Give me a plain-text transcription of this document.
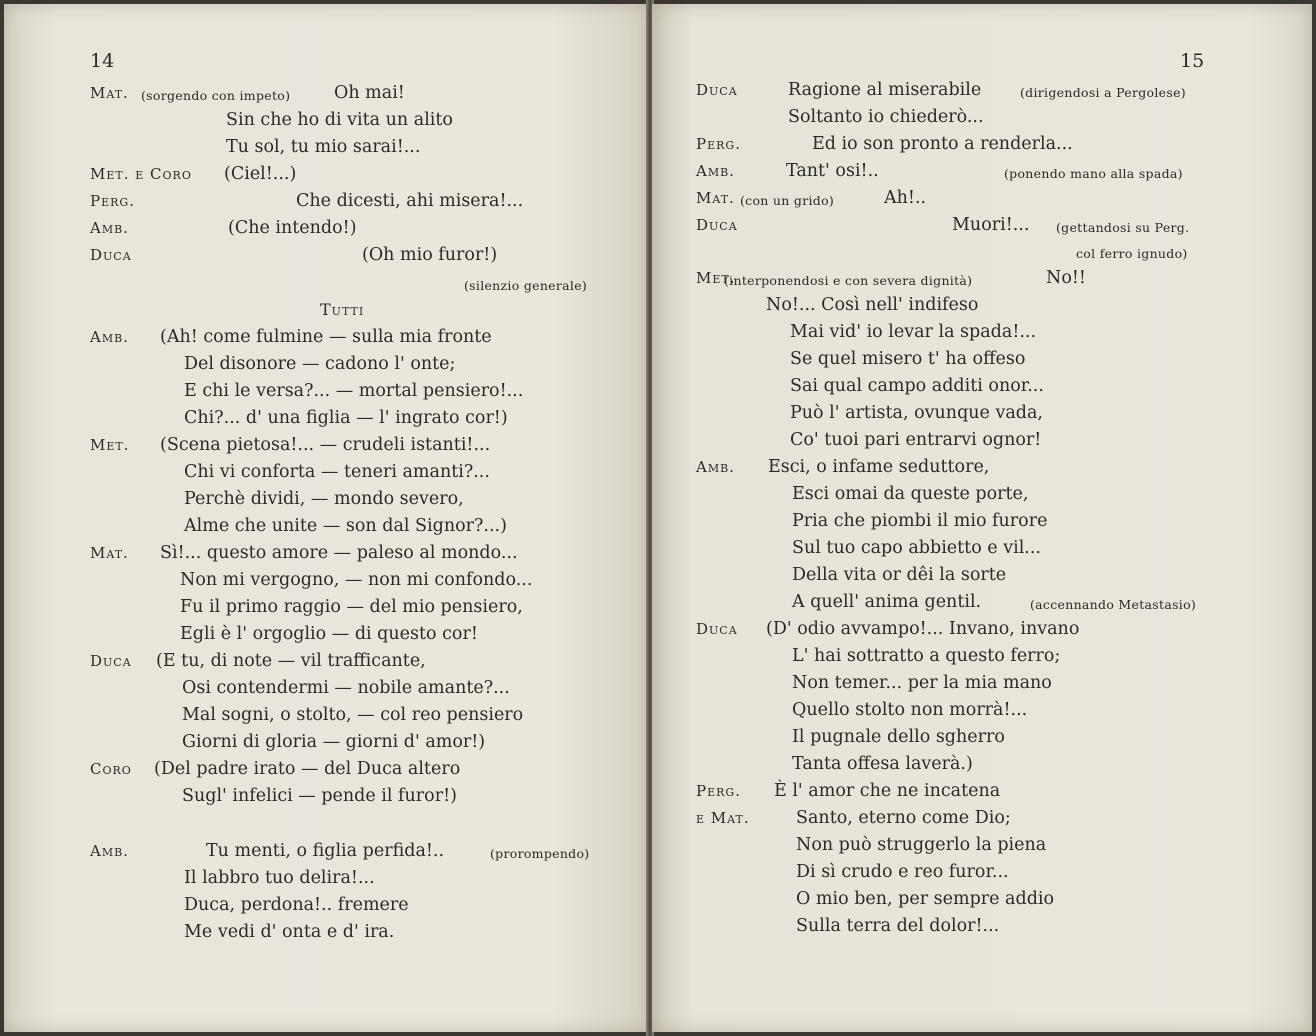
14
Mat.	Oh mai!
(sorgendo con impeto)
Sin che ho di vita un alito
Tu sol, tu mio sarai!...
Met. e Coro (Ciel!...)
Perg.	Che dicesti, ahi misera!...
Amb.	(Che intendo!)
Duca	(Oh mio furor!)
(silenzio generale)
Tutti
Amb. (Ah! come fulmine — sulla mia fronte
Del disonore — cadono l' onte;
E chi le versa?... — mortal pensiero!...
Chi?... d' una figlia — l' ingrato cor!)
Met. (Scena pietosa!... — crudeli istanti!...
Chi vi conforta — teneri amanti?...
Perchè dividi, — mondo severo,
Alme che unite — son dal Signor?...)
Mat. Sì!... questo amore — paleso al mondo...
Non mi vergogno, — non mi confondo...
Fu il primo raggio — del mio pensiero,
Egli è l' orgoglio — di questo cor!
Duca (E tu, di note — vil trafficante,
Osi contendermi — nobile amante?...
Mal sogni, o stolto, — col reo pensiero
Giorni di gloria — giorni d' amor!)
Coro (Del padre irato — del Duca altero
Sugl' infelici — pende il furor!)
Amb.	Tu menti, o figlia perfida!..	(prorompendo)
Il labbro tuo delira!...
Duca, perdona!.. fremere
Me vedi d' onta e d' ira.
15
Duca	Ragione al miserabile	(dirigendosi a Pergolese)
Soltanto io chiederò...
Perg.	Ed io son pronto a renderla...
Amb.	Tant' osi!..	(ponendo mano alla spada)
Mat. (con un grido)	Ah!..
Duca	Muori!... (gettandosi su Perg.
col ferro ignudo)
Met.
(interponendosi e con severa dignità)	No!!
No!... Così nell' indifeso
Mai vid' io levar la spada!...
Se quel misero t' ha offeso
Sai qual campo additi onor...
Può l' artista, ovunque vada,
Co' tuoi pari entrarvi ognor!
Amb. Esci, o infame seduttore,
Esci omai da queste porte,
Pria che piombi il mio furore
Sul tuo capo abbietto e vil...
Della vita or dêi la sorte
A quell' anima gentil.	(accennando Metastasio)
Duca (D' odio avvampo!... Invano, invano
L' hai sottratto a questo ferro;
Non temer... per la mia mano
Quello stolto non morrà!...
Il pugnale dello sgherro
Tanta offesa laverà.)
Perg. È l' amor che ne incatena
e Mat.	Santo, eterno come Dio;
Non può struggerlo la piena
Di sì crudo e reo furor...
O mio ben, per sempre addio
Sulla terra del dolor!...
